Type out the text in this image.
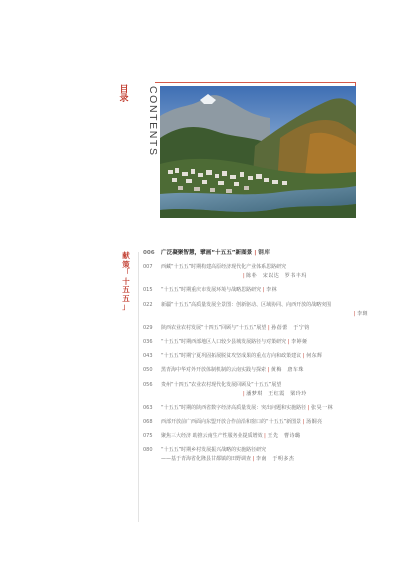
目
录 CONTENTS
献
策
「
十
五
五
」
006	广泛凝聚智慧，擘画“十五五”新图景 | 钢库
007	西藏“十五五”时期构建高原经济现代化产业体系思路研究
| 陈朴　宋以达　罗书丰玛
015	“十五五”时期重庆市发展环境与战略思路研究 | 李林
022	新疆“十五五”高质量发展全景图：创新驱动、区域协同、向西开放的战略突围
| 李斑
029	陕西农业农村发展“十四五”回顾与“十五五”展望 | 孙蓓蕾　于宁钧
036	“十五五”时期西部地区人口较少县城发展路径与对策研究 | 李婷娅
043	“十五五”时期宁夏巩固拓展脱贫攻坚成果的重点方向和政策建议 | 何东辉
050	黑青海中华对外开放体制机制的云南实践与探索 | 黄梅　唐车珠
056	贵州“十四五”农业农村现代化发展回顾及“十五五”展望
| 潘梦琪　王红霞　梁玲玲
063	“十五五”时期的陕西省数字经济高质量发展：突出问题和实施路径 | 张昊一林
068	西部开放前广西面向东盟开放合作前沿和窗口的“十五五”新图景 | 汤铜亮
075	聚焦三大经济 助推云南生产性服务业提质增效 | 王先　曹诗璐
080	“十五五”时期乡村发展振兴战略的实施路径研究
——基于青海省化隆县甘都镇的田野调查 | 李南　于明多杰
